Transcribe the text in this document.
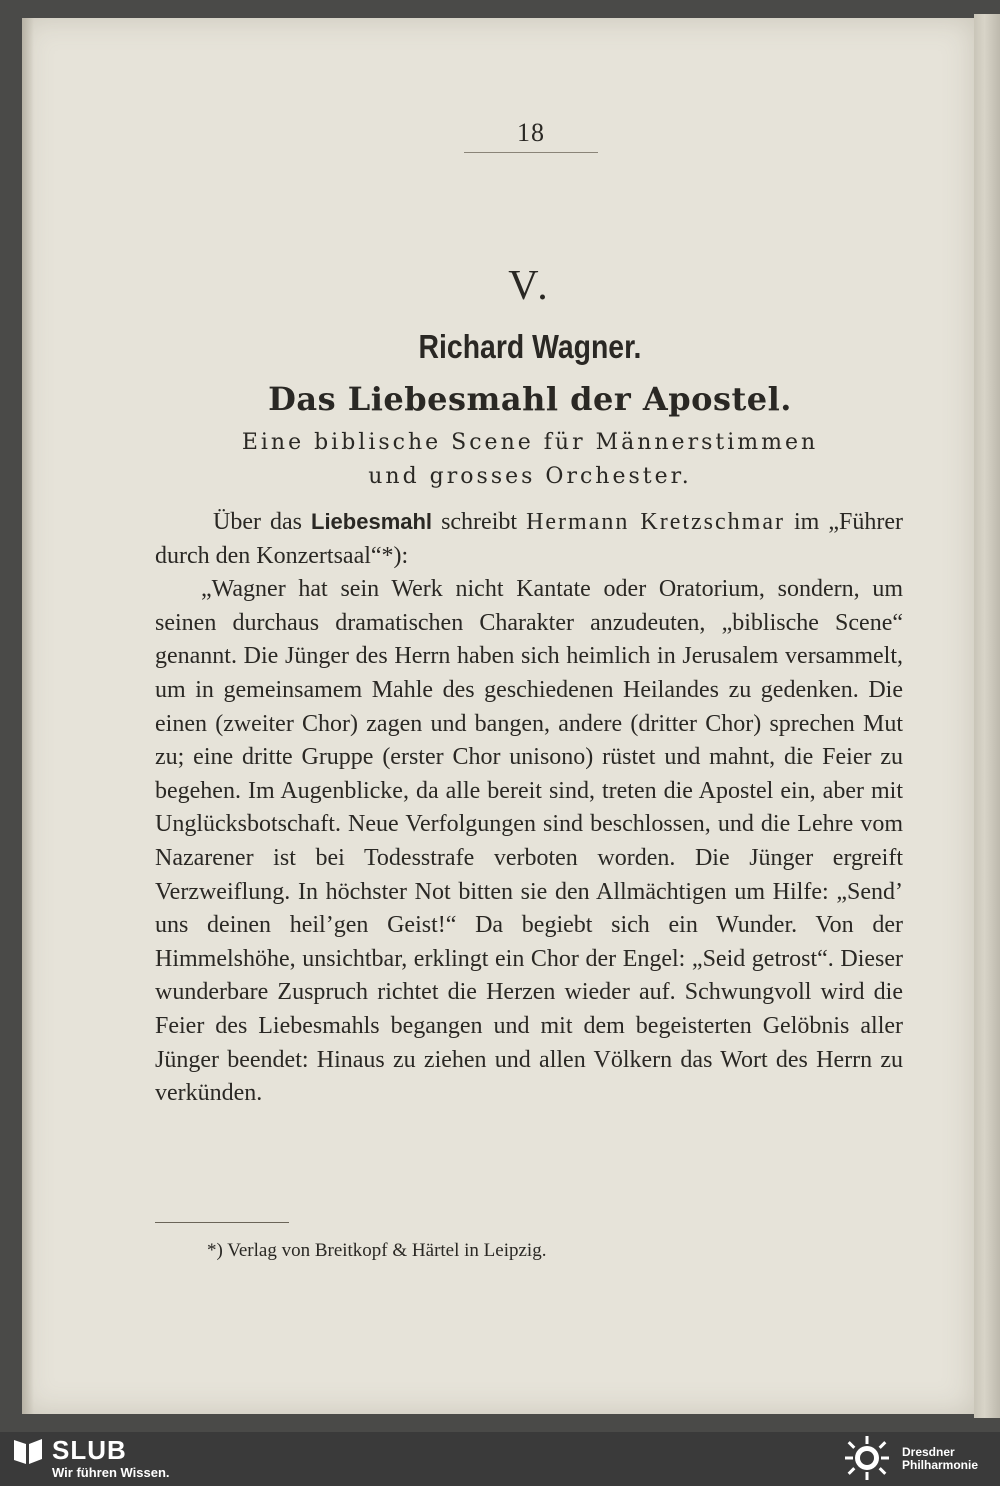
18
V.
Richard Wagner.
Das Liebesmahl der Apostel.
Eine biblische Scene für Männerstimmen
und grosses Orchester.

Über das Liebesmahl schreibt Hermann Kretzschmar im „Führer durch den Konzertsaal“*):

„Wagner hat sein Werk nicht Kantate oder Oratorium, sondern, um seinen durchaus dramatischen Charakter anzudeuten, „biblische Scene“ genannt. Die Jünger des Herrn haben sich heimlich in Jerusalem versammelt, um in gemeinsamem Mahle des geschiedenen Heilandes zu gedenken. Die einen (zweiter Chor) zagen und bangen, andere (dritter Chor) sprechen Mut zu; eine dritte Gruppe (erster Chor unisono) rüstet und mahnt, die Feier zu begehen. Im Augenblicke, da alle bereit sind, treten die Apostel ein, aber mit Unglücksbotschaft. Neue Verfolgungen sind beschlossen, und die Lehre vom Nazarener ist bei Todesstrafe verboten worden. Die Jünger ergreift Verzweiflung. In höchster Not bitten sie den Allmächtigen um Hilfe: „Send’ uns deinen heil’gen Geist!“ Da begiebt sich ein Wunder. Von der Himmelshöhe, unsichtbar, erklingt ein Chor der Engel: „Seid getrost“. Dieser wunderbare Zuspruch richtet die Herzen wieder auf. Schwungvoll wird die Feier des Liebesmahls begangen und mit dem begeisterten Gelöbnis aller Jünger beendet: Hinaus zu ziehen und allen Völkern das Wort des Herrn zu verkünden.

*) Verlag von Breitkopf & Härtel in Leipzig.
SLUB
Wir führen Wissen.
Dresdner
Philharmonie
